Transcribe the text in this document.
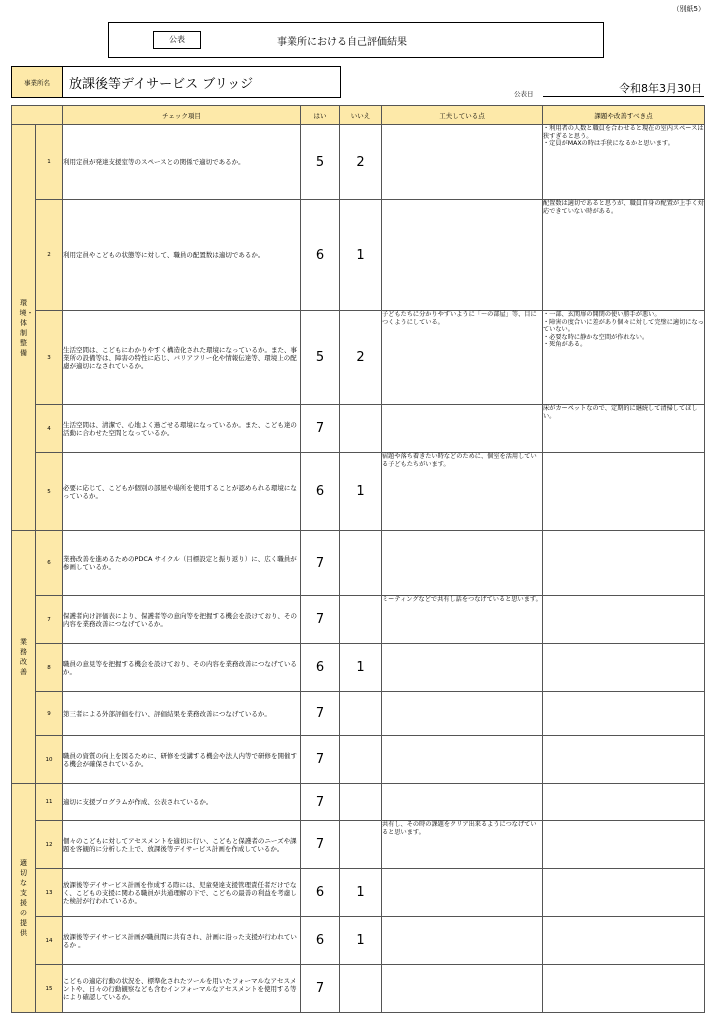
（別紙5）
公表	事業所における自己評価結果
事業所名	放課後等デイサービス ブリッジ
公表日	令和8年3月30日
		チェック項目	はい	いいえ	工夫している点	課題や改善すべき点
環境・体制整備	1	利用定員が発達支援室等のスペースとの関係で適切であるか。	5	2		・利用者の人数と職員を合わせると現在の室内スペースは狭すぎると思う。
・定員がMAXの時は手狭になるかと思います。
	2	利用定員やこどもの状態等に対して、職員の配置数は適切であるか。	6	1		配置数は適切であると思うが、職員自身の配置が上手く対応できていない時がある。
	3	生活空間は、こどもにわかりやすく構造化された環境になっているか。また、事業所の設備等は、障害の特性に応じ、バリアフリー化や情報伝達等、環境上の配慮が適切になされているか。	5	2	子どもたちに分かりやすいように「～の部屋」等、目につくようにしている。	・一部、玄関扉の開閉の使い勝手が悪い。
・障害の度合いに差があり個々に対して完璧に適切になっていない。
・必要な時に静かな空間が作れない。
・死角がある。
	4	生活空間は、清潔で、心地よく過ごせる環境になっているか。また、こども達の活動に合わせた空間となっているか。	7			床がカーペットなので、定期的に継続して清掃してほしい。
	5	必要に応じて、こどもが個別の部屋や場所を使用することが認められる環境になっているか。	6	1	宿題や落ち着きたい時などのために、個室を活用している子どもたちがいます。	
業務改善	6	業務改善を進めるためのPDCA サイクル（目標設定と振り返り）に、広く職員が参画しているか。	7			
	7	保護者向け評価表により、保護者等の意向等を把握する機会を設けており、その内容を業務改善につなげているか。	7		ミーティングなどで共有し話をつなげていると思います。	
	8	職員の意見等を把握する機会を設けており、その内容を業務改善につなげているか。	6	1		
	9	第三者による外部評価を行い、評価結果を業務改善につなげているか。	7			
	10	職員の資質の向上を図るために、研修を受講する機会や法人内等で研修を開催する機会が確保されているか。	7			
適切な支援の提供	11	適切に支援プログラムが作成、公表されているか。	7			
	12	個々のこどもに対してアセスメントを適切に行い、こどもと保護者のニーズや課題を客観的に分析した上で、放課後等デイサービス計画を作成しているか。	7		共有し、その時の課題をクリア出来るようにつなげていると思います。	
	13	放課後等デイサービス計画を作成する際には、児童発達支援管理責任者だけでなく、こどもの支援に関わる職員が共通理解の下で、こどもの最善の利益を考慮した検討が行われているか。	6	1		
	14	放課後等デイサービス計画が職員間に共有され、計画に沿った支援が行われているか 。	6	1		
	15	こどもの適応行動の状況を、標準化されたツールを用いたフォーマルなアセスメントや、日々の行動観察なども含むインフォーマルなアセスメントを使用する等により確認しているか。	7			
